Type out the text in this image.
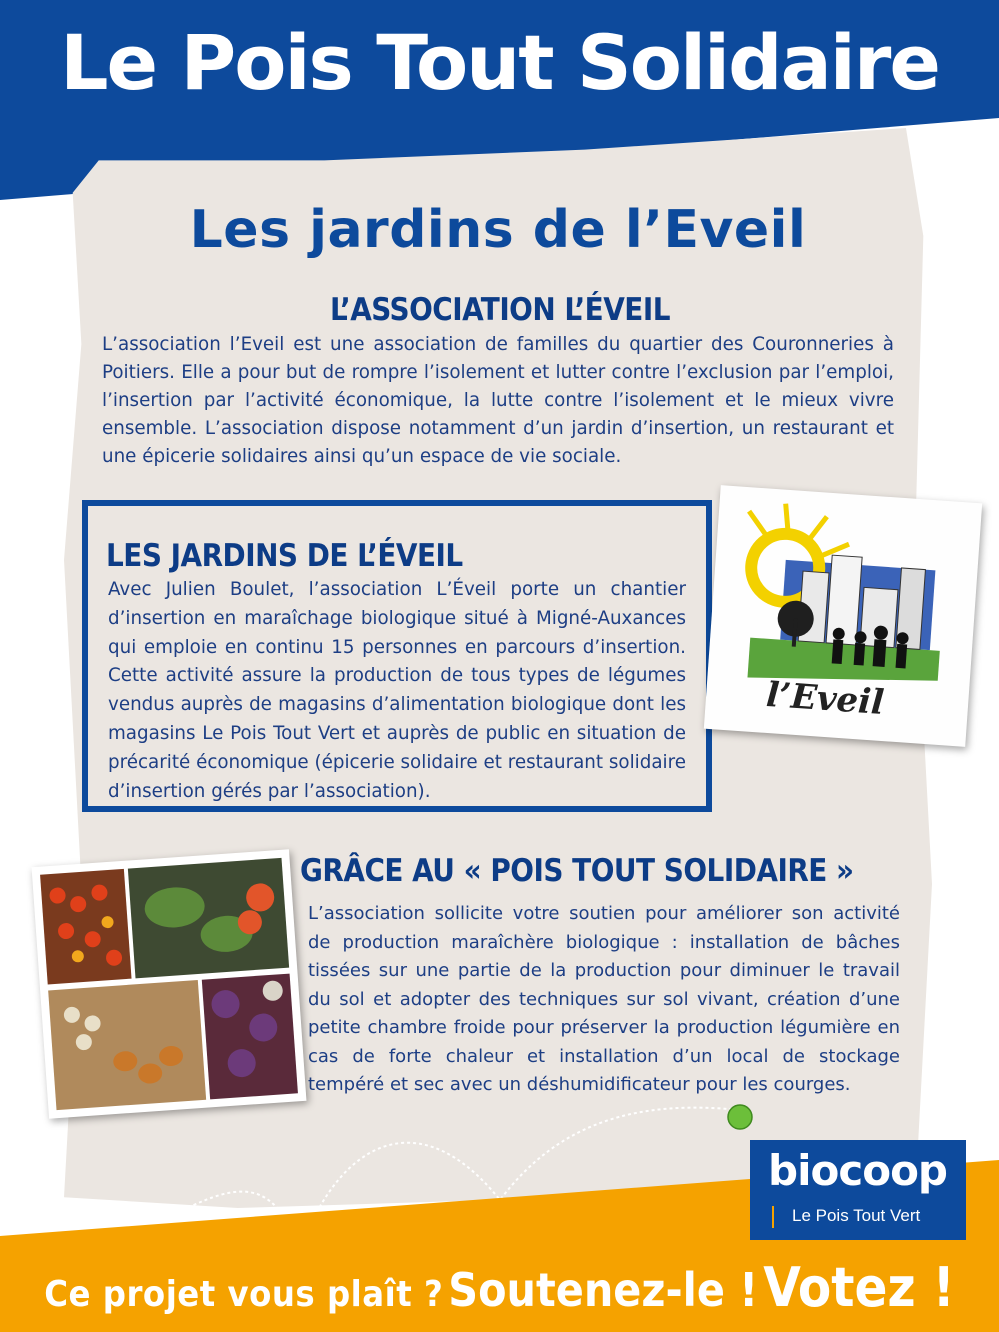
Le Pois Tout Solidaire
Les jardins de l’Eveil
L’ASSOCIATION L’ÉVEIL
L’association l’Eveil est une association de familles du quartier des Couronneries à Poitiers. Elle a pour but de rompre l’isolement et lutter contre l’exclusion par l’emploi, l’insertion par l’activité économique, la lutte contre l’isolement et le mieux vivre ensemble. L’association dispose notamment d’un jardin d’insertion, un restaurant et une épicerie solidaires ainsi qu’un espace de vie sociale.
LES JARDINS DE L’ÉVEIL
Avec Julien Boulet, l’association L’Éveil porte un chantier d’insertion en maraîchage biologique situé à Migné-Auxances qui emploie en continu 15 personnes en parcours d’insertion. Cette activité assure la production de tous types de légumes vendus auprès de magasins d’alimentation biologique dont les magasins Le Pois Tout Vert et auprès de public en situation de précarité économique (épicerie solidaire et restaurant solidaire d’insertion gérés par l’association).
l’Eveil
GRÂCE AU « POIS TOUT SOLIDAIRE »
L’association sollicite votre soutien pour améliorer son activité de production maraîchère biologique : installation de bâches tissées sur une partie de la production pour diminuer le travail du sol et adopter des techniques sur sol vivant, création d’une petite chambre froide pour préserver la production légumière en cas de forte chaleur et installation d’un local de stockage tempéré et sec avec un déshumidificateur pour les courges.
biocoop
Le Pois Tout Vert
Ce projet vous plaît ? Soutenez-le ! Votez !
